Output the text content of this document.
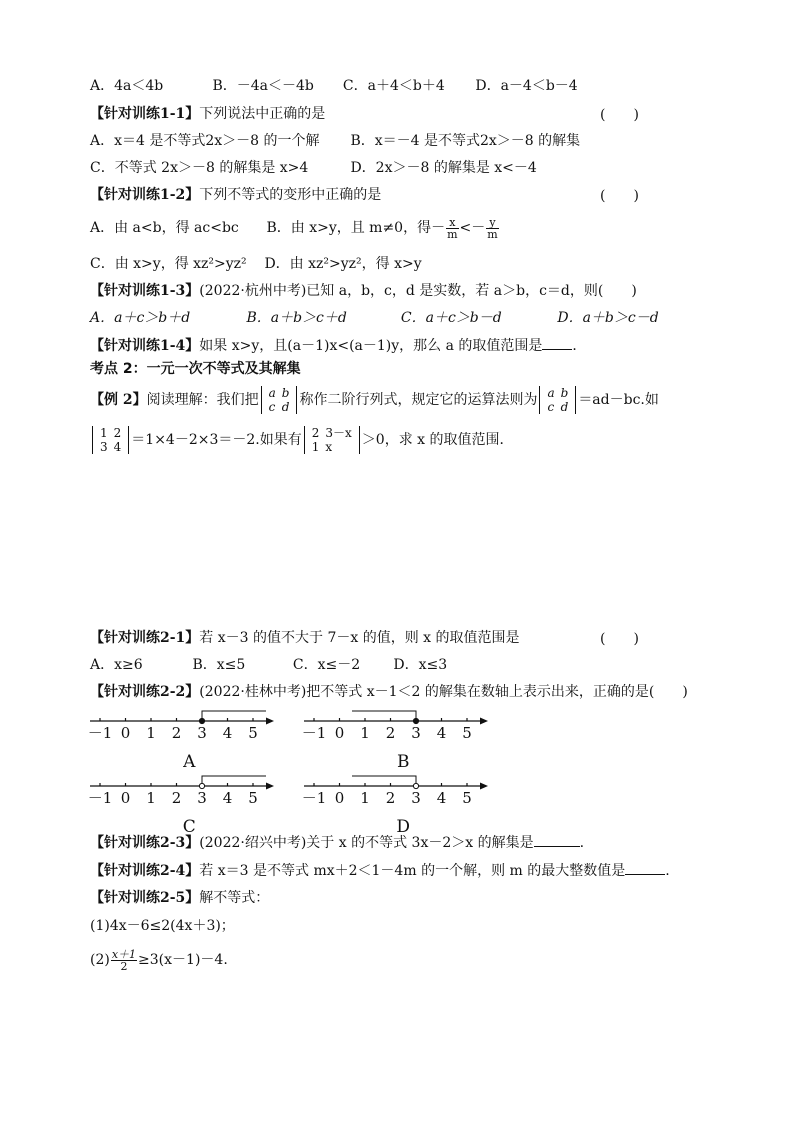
A．4a＜4b	B．－4a＜－4b C．a＋4＜b＋4 D．a－4＜b－4
【针对训练1-1】下列说法中正确的是	(　　)
A．x＝4 是不等式2x＞－8 的一个解 B．x＝－4 是不等式2x＞－8 的解集
C．不等式 2x＞－8 的解集是 x>4	D．2x＞－8 的解集是 x<－4
【针对训练1-2】下列不等式的变形中正确的是	(　　)
A．由 a<b，得 ac<bc B．由 x>y，且 m≠0，得－ $\frac{x}{m} <- \frac{y}{m}$
C．由 x>y，得 xz²>yz² D．由 xz²>yz²，得 x>y
【针对训练1-3】(2022·杭州中考)已知 a，b，c，d 是实数，若 a＞b，c＝d，则(　　)
A．a＋c＞b＋d	B．a＋b＞c＋d	C．a＋c＞b－d	D．a＋b＞c－d
【针对训练1-4】如果 x>y，且(a－1)x<(a－1)y，那么 a 的取值范围是 ．
考点 2：一元一次不等式及其解集
【例 2】阅读理解：我们把 a	b
c	d 称作二阶行列式，规定它的运算法则为 a	b
c	d ＝ad－bc.如
1	2
3	4 ＝1×4－2×3＝－2.如果有 2	3－x
1	x ＞0，求 x 的取值范围．
【针对训练2-1】若 x－3 的值不大于 7－x 的值，则 x 的取值范围是	(　　)
A．x≥6	B．x≤5	C．x≤－2 D．x≤3
【针对训练2-2】(2022·桂林中考)把不等式 x－1＜2 的解集在数轴上表示出来，正确的是(　　)
－1 0 1 2 3 4 5
A
－1 0 1 2 3 4 5
B
－1 0 1 2 3 4 5
C
－1 0 1 2 3 4 5
D
【针对训练2-3】(2022·绍兴中考)关于 x 的不等式 3x－2＞x 的解集是	.
【针对训练2-4】若 x＝3 是不等式 mx＋2＜1－4m 的一个解，则 m 的最大整数值是	.
【针对训练2-5】解不等式：
(1)4x－6≤2(4x＋3)；
$(2) \frac{x+1}{2} \ge 3(x-1)-4$.
